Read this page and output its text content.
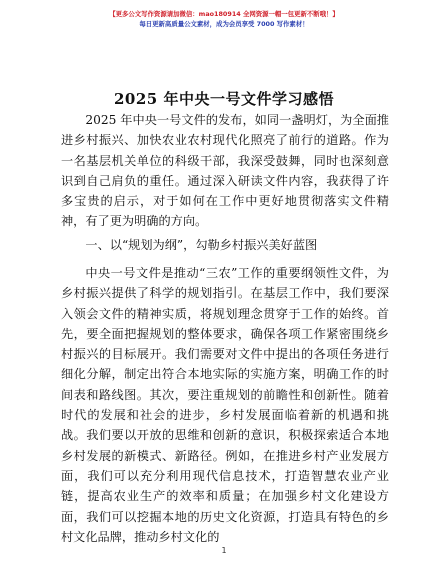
【更多公文写作资源请加微信：mao180914 全网资源一帽一包更新不断哦！】
每日更新高质量公文素材，成为会员享受 7000 写作素材！
2025 年中央一号文件学习感悟

2025 年中央一号文件的发布，如同一盏明灯，为全面推进乡村振兴、加快农业农村现代化照亮了前行的道路。作为一名基层机关单位的科级干部，我深受鼓舞，同时也深刻意识到自己肩负的重任。通过深入研读文件内容，我获得了许多宝贵的启示，对于如何在工作中更好地贯彻落实文件精神，有了更为明确的方向。

一、以“规划为纲”，勾勒乡村振兴美好蓝图

中央一号文件是推动“三农”工作的重要纲领性文件，为乡村振兴提供了科学的规划指引。在基层工作中，我们要深入领会文件的精神实质，将规划理念贯穿于工作的始终。首先，要全面把握规划的整体要求，确保各项工作紧密围绕乡村振兴的目标展开。我们需要对文件中提出的各项任务进行细化分解，制定出符合本地实际的实施方案，明确工作的时间表和路线图。其次，要注重规划的前瞻性和创新性。随着时代的发展和社会的进步，乡村发展面临着新的机遇和挑战。我们要以开放的思维和创新的意识，积极探索适合本地乡村发展的新模式、新路径。例如，在推进乡村产业发展方面，我们可以充分利用现代信息技术，打造智慧农业产业链，提高农业生产的效率和质量；在加强乡村文化建设方面，我们可以挖掘本地的历史文化资源，打造具有特色的乡村文化品牌，推动乡村文化的

1
